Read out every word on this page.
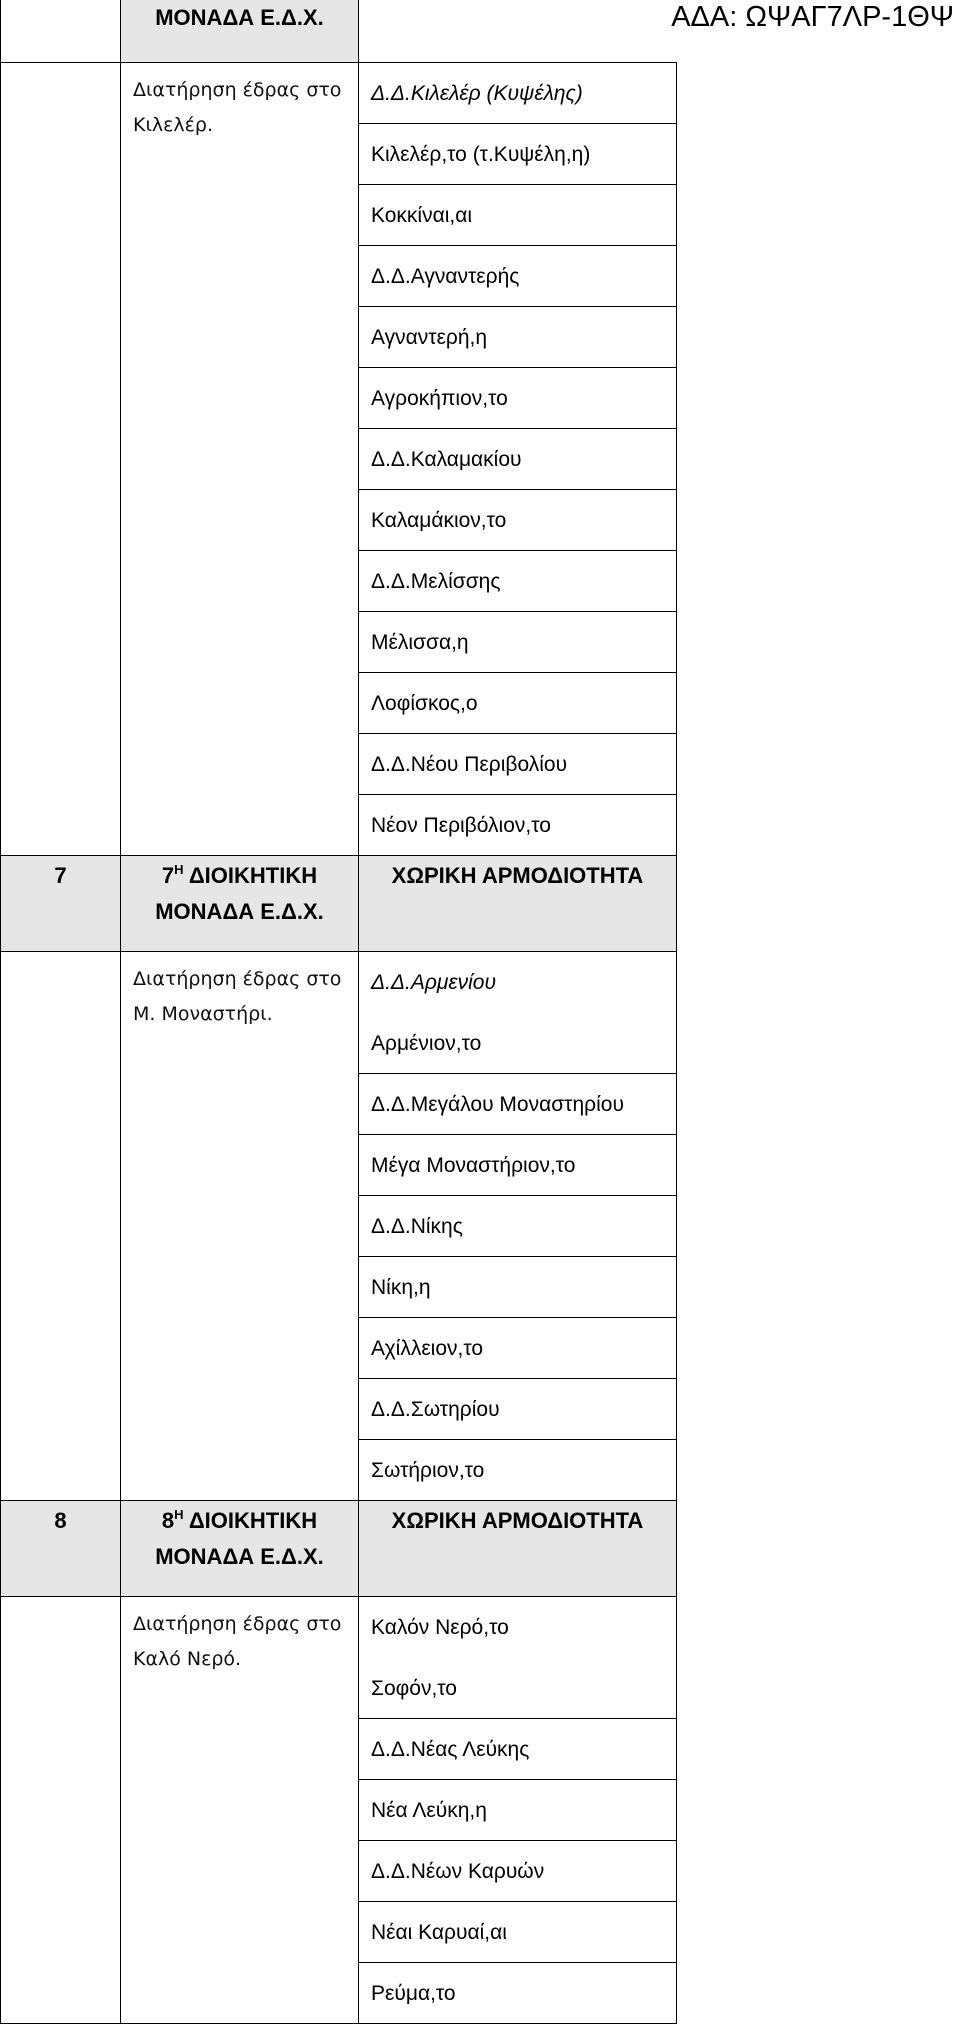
ΑΔΑ: ΩΨΑΓ7ΛΡ-1ΘΨ
	ΜΟΝΑΔΑ Ε.Δ.Χ.	
	Διατήρηση έδρας στο Κιλελέρ.	Δ.Δ.Κιλελέρ (Κυψέλης)
		Κιλελέρ,το (τ.Κυψέλη,η)
		Κοκκίναι,αι
		Δ.Δ.Αγναντερής
		Αγναντερή,η
		Αγροκήπιον,το
		Δ.Δ.Καλαμακίου
		Καλαμάκιον,το
		Δ.Δ.Μελίσσης
		Μέλισσα,η
		Λοφίσκος,ο
		Δ.Δ.Νέου Περιβολίου
		Νέον Περιβόλιον,το
7	$7^H$ ΔΙΟΙΚΗΤΙΚΗ ΜΟΝΑΔΑ Ε.Δ.Χ.	ΧΩΡΙΚΗ ΑΡΜΟΔΙΟΤΗΤΑ
	Διατήρηση έδρας στο Μ. Μοναστήρι.	Δ.Δ.Αρμενίου
Αρμένιον,το

		Δ.Δ.Μεγάλου Μοναστηρίου
		Μέγα Μοναστήριον,το
		Δ.Δ.Νίκης
		Νίκη,η
		Αχίλλειον,το
		Δ.Δ.Σωτηρίου
		Σωτήριον,το
8	$8^H$ ΔΙΟΙΚΗΤΙΚΗ ΜΟΝΑΔΑ Ε.Δ.Χ.	ΧΩΡΙΚΗ ΑΡΜΟΔΙΟΤΗΤΑ
	Διατήρηση έδρας στο Καλό Νερό.	Καλόν Νερό,το
Σοφόν,το

		Δ.Δ.Νέας Λεύκης
		Νέα Λεύκη,η
		Δ.Δ.Νέων Καρυών
		Νέαι Καρυαί,αι
		Ρεύμα,το
